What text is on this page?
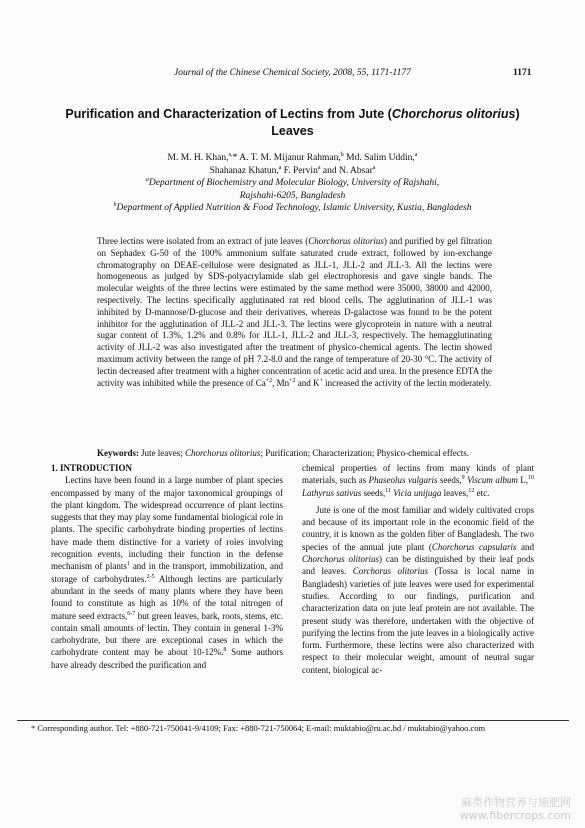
Journal of the Chinese Chemical Society, 2008, 55, 1171-1177	1171
Purification and Characterization of Lectins from Jute (Chorchorus olitorius) Leaves
M. M. H. Khan,$^{a,}$* A. T. M. Mijanur Rahman,$^b$ Md. Salim Uddin,$^a$
Shahanaz Khatun,$^a$ F. Pervin$^a$ and N. Absar$^a$
$^a$Department of Biochemistry and Molecular Biology, University of Rajshahi,
Rajshahi-6205, Bangladesh
$^b$Department of Applied Nutrition & Food Technology, Islamic University, Kustia, Bangladesh

Three lectins were isolated from an extract of jute leaves (Chorchorus olitorius) and purified by gel filtration on Sephadex G-50 of the 100% ammonium sulfate saturated crude extract, followed by ion-exchange chromatography on DEAE-cellulose were designated as JLL-1, JLL-2 and JLL-3. All the lectins were homogeneous as judged by SDS-polyacrylamide slab gel electrophoresis and gave single bands. The molecular weights of the three lectins were estimated by the same method were 35000, 38000 and 42000, respectively. The lectins specifically agglutinated rat red blood cells. The agglutination of JLL-1 was inhibited by D-mannose/D-glucose and their derivatives, whereas D-galactose was found to be the potent inhibitor for the agglutination of JLL-2 and JLL-3. The lectins were glycoprotein in nature with a neutral sugar content of 1.3%, 1.2% and 0.8% for JLL-1, JLL-2 and JLL-3, respectively. The hemagglutinating activity of JLL-2 was also investigated after the treatment of physico-chemical agents. The lectin showed maximum activity between the range of pH 7.2-8.0 and the range of temperature of 20-30 °C. The activity of lectin decreased after treatment with a higher concentration of acetic acid and urea. In the presence EDTA the activity was inhibited while the presence of $Ca^{+2}$, $Mn^{+2}$ and K+ increased the activity of the lectin moderately.

Keywords: Jute leaves; Chorchorus olitorius; Purification; Characterization; Physico-chemical effects.

1. INTRODUCTION

Lectins have been found in a large number of plant species encompassed by many of the major taxonomical groupings of the plant kingdom. The widespread occurrence of plant lectins suggests that they may play some fundamental biological role in plants. The specific carbohydrate binding properties of lectins have made them distinctive for a variety of roles involving recognition events, including their function in the defense mechanism of plants$^1$ and in the transport, immobilization, and storage of carbohydrates.$^{2-5}$ Although lectins are particularly abundant in the seeds of many plants where they have been found to constitute as high as 10% of the total nitrogen of mature seed extracts,$^{6-7}$ but green leaves, bark, roots, stems, etc. contain small amounts of lectin. They contain in general 1-3% carbohydrate, but there are exceptional cases in which the carbohydrate content may be about 10-12%.$^8$ Some authors have already described the purification and

chemical properties of lectins from many kinds of plant materials, such as Phaseolus vulgaris seeds,$^9$ Viscum album L,$^{10}$ Lathyrus sativus seeds,$^{11}$ Vicia unijuga leaves,$^{12}$ etc.

Jute is one of the most familiar and widely cultivated crops and because of its important role in the economic field of the country, it is known as the golden fiber of Bangladesh. The two species of the annual jute plant (Chorchorus capsularis and Chorchorus olitorius) can be distinguished by their leaf pods and leaves. Corchorus olitorius (Tossa is local name in Bangladesh) varieties of jute leaves were used for experimental studies. According to our findings, purification and characterization data on jute leaf protein are not available. The present study was therefore, undertaken with the objective of purifying the lectins from the jute leaves in a biologically active form. Furthermore, these lectins were also characterized with respect to their molecular weight, amount of neutral sugar content, biological ac-

* Corresponding author. Tel: +880-721-750041-9/4109; Fax: +880-721-750064; E-mail: muktabio@ru.ac.bd / muktabio@yahoo.com
麻类作物营养与施肥网
www.fibercrops.com
